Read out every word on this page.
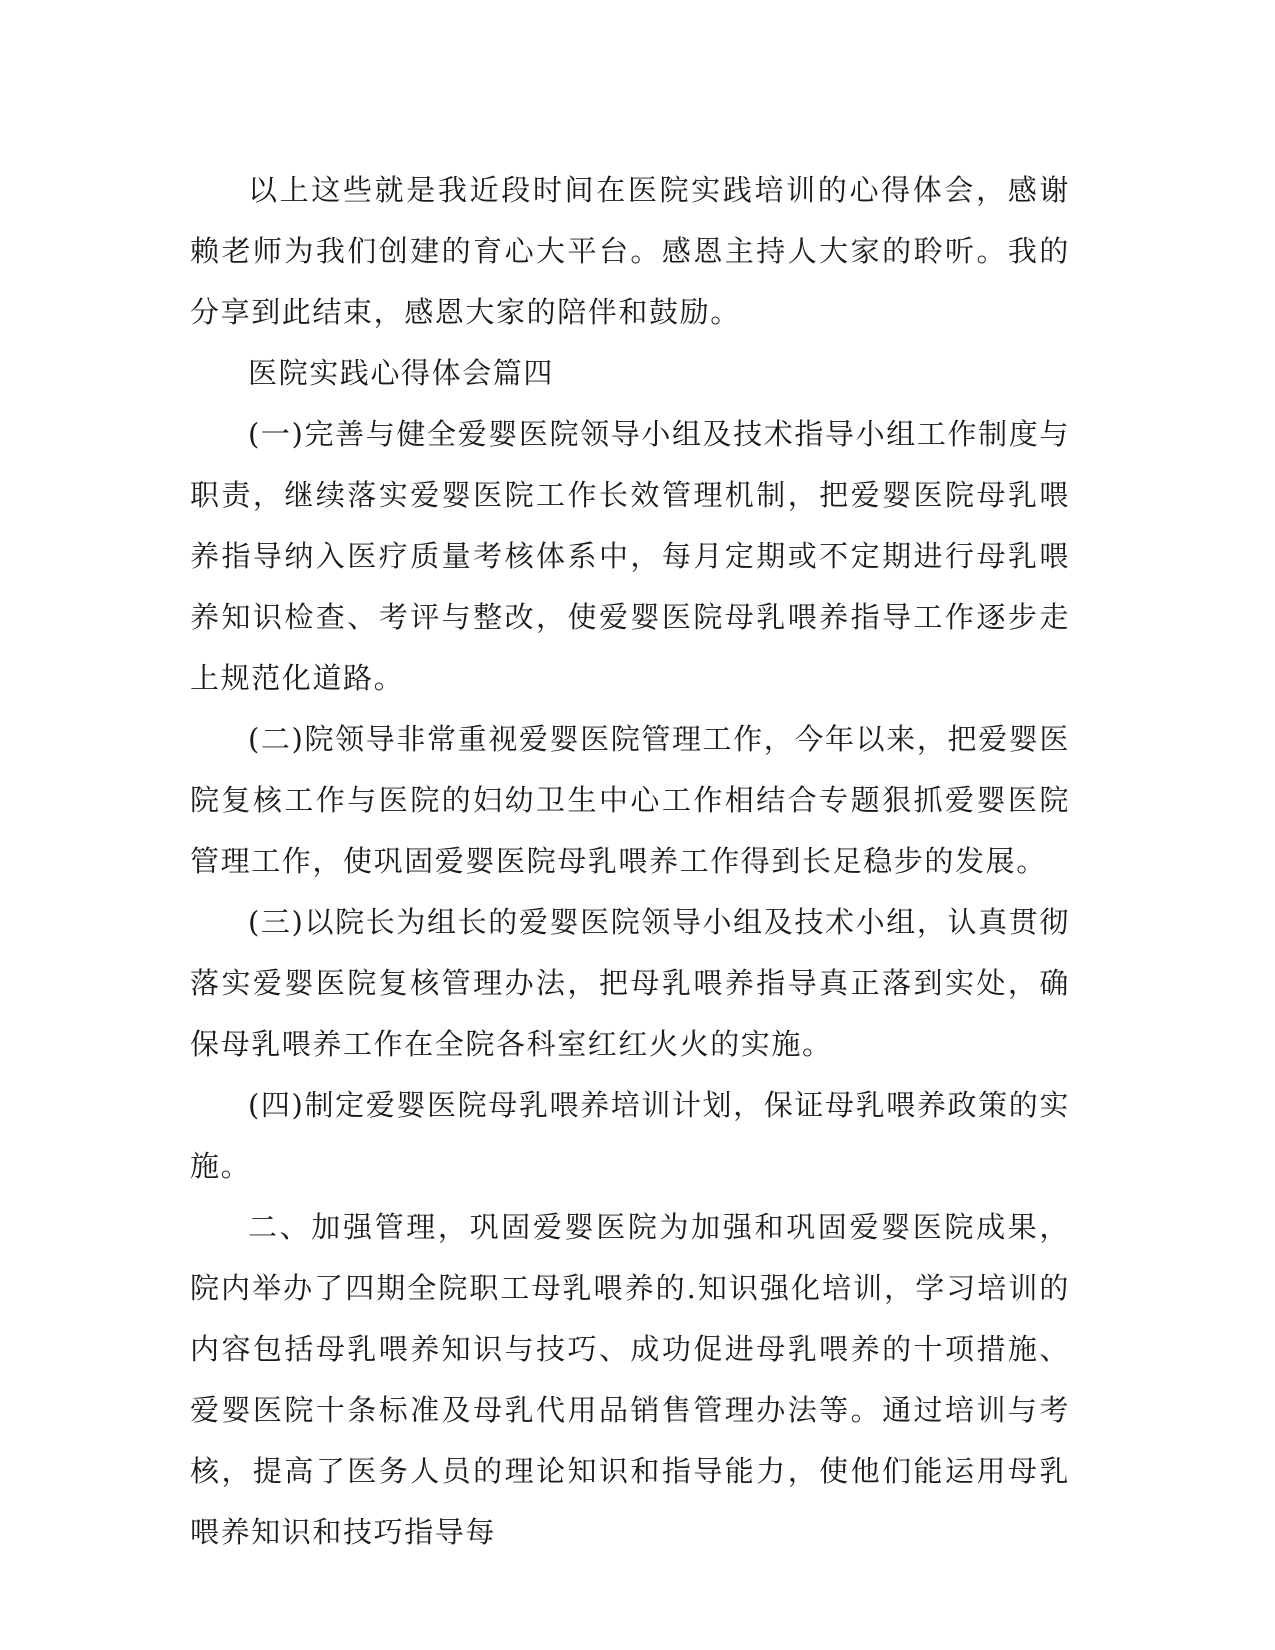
以上这些就是我近段时间在医院实践培训的心得体会，感谢赖老师为我们创建的育心大平台。感恩主持人大家的聆听。我的分享到此结束，感恩大家的陪伴和鼓励。

医院实践心得体会篇四

(一)完善与健全爱婴医院领导小组及技术指导小组工作制度与职责，继续落实爱婴医院工作长效管理机制，把爱婴医院母乳喂养指导纳入医疗质量考核体系中，每月定期或不定期进行母乳喂养知识检查、考评与整改，使爱婴医院母乳喂养指导工作逐步走上规范化道路。

(二)院领导非常重视爱婴医院管理工作，今年以来，把爱婴医院复核工作与医院的妇幼卫生中心工作相结合专题狠抓爱婴医院管理工作，使巩固爱婴医院母乳喂养工作得到长足稳步的发展。

(三)以院长为组长的爱婴医院领导小组及技术小组，认真贯彻落实爱婴医院复核管理办法，把母乳喂养指导真正落到实处，确保母乳喂养工作在全院各科室红红火火的实施。

(四)制定爱婴医院母乳喂养培训计划，保证母乳喂养政策的实施。

二、加强管理，巩固爱婴医院为加强和巩固爱婴医院成果，院内举办了四期全院职工母乳喂养的.知识强化培训，学习培训的内容包括母乳喂养知识与技巧、成功促进母乳喂养的十项措施、爱婴医院十条标准及母乳代用品销售管理办法等。通过培训与考核，提高了医务人员的理论知识和指导能力，使他们能运用母乳喂养知识和技巧指导每
